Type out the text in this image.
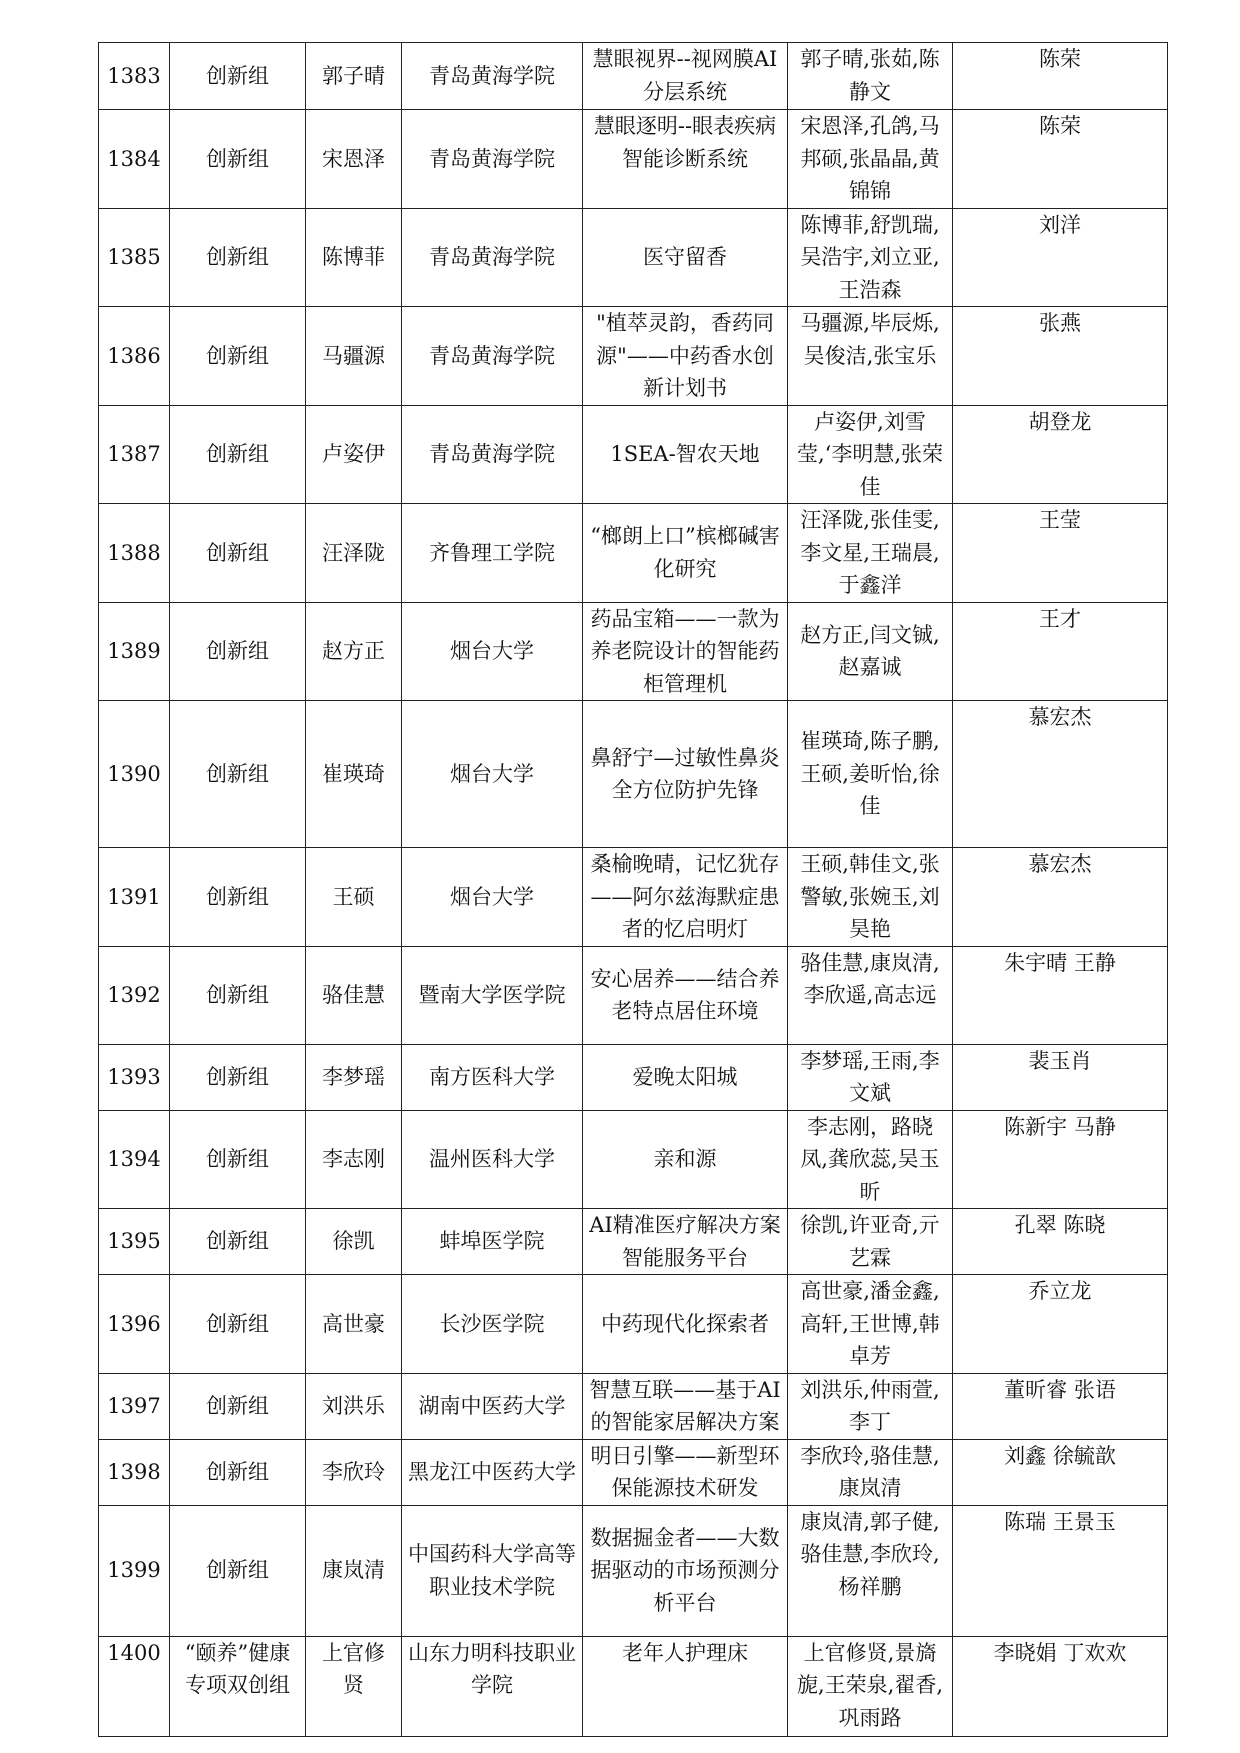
1383	创新组	郭子晴	青岛黄海学院	慧眼视界--视网膜AI分层系统	郭子晴,张茹,陈静文	陈荣
1384	创新组	宋恩泽	青岛黄海学院	慧眼逐明--眼表疾病智能诊断系统	宋恩泽,孔鸽,马邦硕,张晶晶,黄锦锦	陈荣
1385	创新组	陈博菲	青岛黄海学院	医守留香	陈博菲,舒凯瑞,吴浩宇,刘立亚,王浩森	刘洋
1386	创新组	马疆源	青岛黄海学院	"植萃灵韵，香药同源"——中药香水创新计划书	马疆源,毕辰烁,吴俊洁,张宝乐	张燕
1387	创新组	卢姿伊	青岛黄海学院	1SEA-智农天地	卢姿伊,刘雪莹,‘李明慧,张荣佳	胡登龙
1388	创新组	汪泽陇	齐鲁理工学院	“榔朗上口”槟榔碱害化研究	汪泽陇,张佳雯,李文星,王瑞晨,于鑫洋	王莹
1389	创新组	赵方正	烟台大学	药品宝箱——一款为养老院设计的智能药柜管理机	赵方正,闫文铖,赵嘉诚	王才
1390	创新组	崔瑛琦	烟台大学	鼻舒宁—过敏性鼻炎全方位防护先锋	崔瑛琦,陈子鹏,王硕,姜昕怡,徐佳	慕宏杰
1391	创新组	王硕	烟台大学	桑榆晚晴，记忆犹存——阿尔兹海默症患者的忆启明灯	王硕,韩佳文,张警敏,张婉玉,刘昊艳	慕宏杰
1392	创新组	骆佳慧	暨南大学医学院	安心居养——结合养老特点居住环境	骆佳慧,康岚清,李欣遥,高志远	朱宇晴 王静
1393	创新组	李梦瑶	南方医科大学	爱晚太阳城	李梦瑶,王雨,李文斌	裴玉肖
1394	创新组	李志刚	温州医科大学	亲和源	李志刚，路晓凤,龚欣蕊,吴玉昕	陈新宇 马静
1395	创新组	徐凯	蚌埠医学院	AI精准医疗解决方案智能服务平台	徐凯,许亚奇,亓艺霖	孔翠 陈晓
1396	创新组	高世豪	长沙医学院	中药现代化探索者	高世豪,潘金鑫,高轩,王世博,韩卓芳	乔立龙
1397	创新组	刘洪乐	湖南中医药大学	智慧互联——基于AI的智能家居解决方案	刘洪乐,仲雨萱,李丁	董昕睿 张语
1398	创新组	李欣玲	黑龙江中医药大学	明日引擎——新型环保能源技术研发	李欣玲,骆佳慧,康岚清	刘鑫 徐毓歆
1399	创新组	康岚清	中国药科大学高等职业技术学院	数据掘金者——大数据驱动的市场预测分析平台	康岚清,郭子健,骆佳慧,李欣玲,杨祥鹏	陈瑞 王景玉
1400	“颐养”健康专项双创组	上官修贤	山东力明科技职业学院	老年人护理床	上官修贤,景旖旎,王荣泉,翟香,巩雨路	李晓娟 丁欢欢
